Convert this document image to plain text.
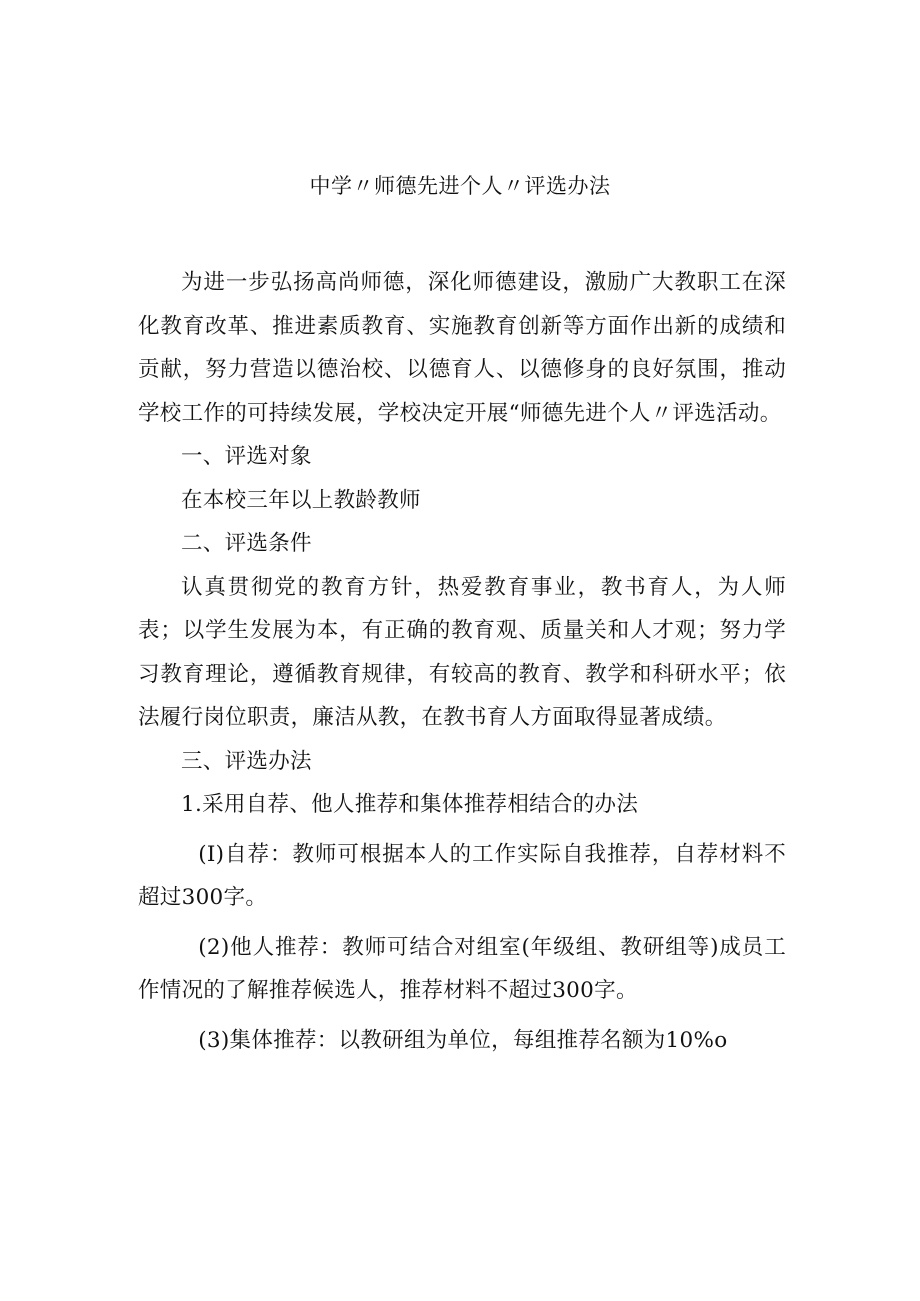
中学〃师德先进个人〃评选办法

为进一步弘扬高尚师德，深化师德建设，激励广大教职工在深化教育改革、推进素质教育、实施教育创新等方面作出新的成绩和贡献，努力营造以德治校、以德育人、以德修身的良好氛围，推动学校工作的可持续发展，学校决定开展“师德先进个人〃评选活动。

一、评选对象

在本校三年以上教龄教师

二、评选条件

认真贯彻党的教育方针，热爱教育事业，教书育人，为人师表；以学生发展为本，有正确的教育观、质量关和人才观；努力学习教育理论，遵循教育规律，有较高的教育、教学和科研水平；依法履行岗位职责，廉洁从教，在教书育人方面取得显著成绩。

三、评选办法

1.采用自荐、他人推荐和集体推荐相结合的办法

(I)自荐：教师可根据本人的工作实际自我推荐，自荐材料不超过300字。

(2)他人推荐：教师可结合对组室(年级组、教研组等)成员工作情况的了解推荐候选人，推荐材料不超过300字。

(3)集体推荐：以教研组为单位，每组推荐名额为10%o
